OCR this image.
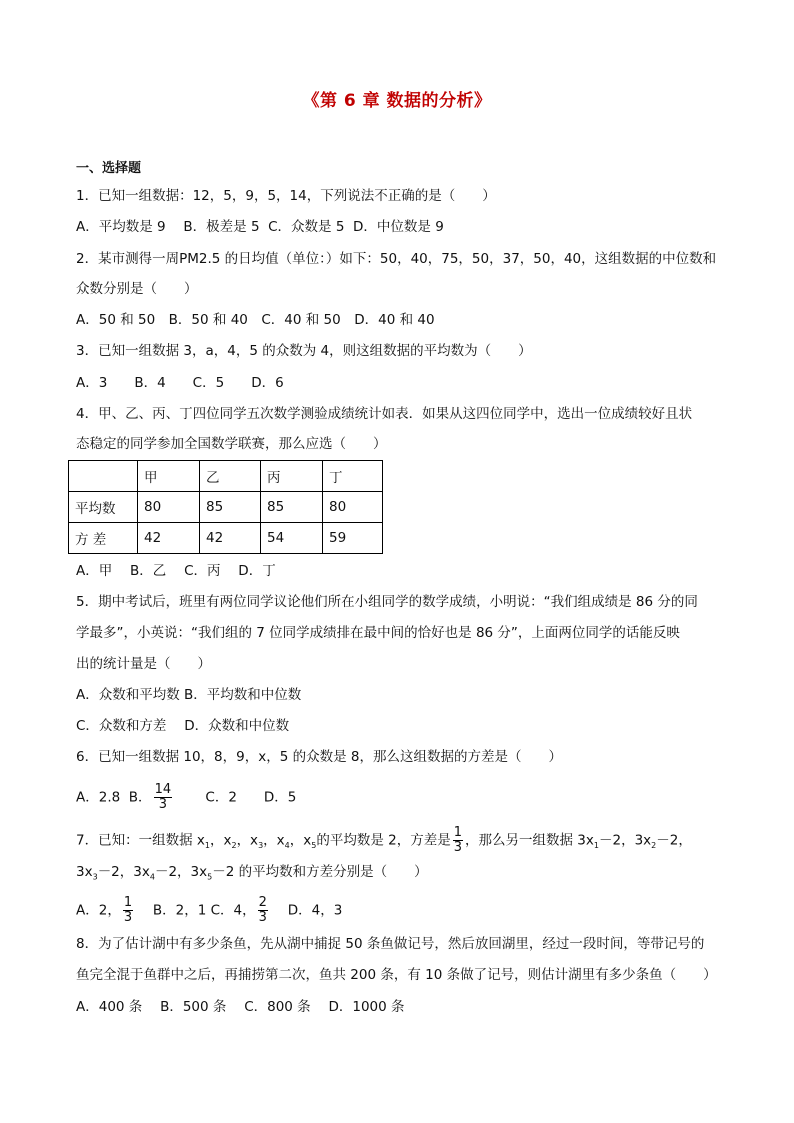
《第 6 章 数据的分析》
一、选择题
1．已知一组数据：12，5，9，5，14，下列说法不正确的是（　　）
A．平均数是 9　 B．极差是 5  C．众数是 5  D．中位数是 9
2．某市测得一周PM2.5 的日均值（单位：）如下：50，40，75，50，37，50，40，这组数据的中位数和
众数分别是（　　）
A．50 和 50　B．50 和 40　C．40 和 50　D．40 和 40
3．已知一组数据 3，a，4，5 的众数为 4，则这组数据的平均数为（　　）
A．3　　B．4　　C．5　　D．6
4．甲、乙、丙、丁四位同学五次数学测验成绩统计如表．如果从这四位同学中，选出一位成绩较好且状
态稳定的同学参加全国数学联赛，那么应选（　　）
	甲	乙	丙	丁
平均数	80	85	85	80
方 差	42	42	54	59
A．甲　 B．乙　 C．丙　 D．丁
5．期中考试后，班里有两位同学议论他们所在小组同学的数学成绩，小明说：“我们组成绩是 86 分的同
学最多”，小英说：“我们组的 7 位同学成绩排在最中间的恰好也是 86 分”，上面两位同学的话能反映
出的统计量是（　　）
A．众数和平均数 B．平均数和中位数
C．众数和方差　 D．众数和中位数
6．已知一组数据 10，8，9，x，5 的众数是 8，那么这组数据的方差是（　　）
A．2.8  B． $\frac{14}{3}$ 　　 C．2　　D．5
7．已知：一组数据 $x_1$，$x_2$，$x_3$，$x_4$，$x_5$的平均数是 2，方差是 $\frac{1}{3}$ ，那么另一组数据 $3x_1-2$，$3x_2-2$，
$3x_3-2$，$3x_4-2$，$3x_5-2$ 的平均数和方差分别是（　　）
A．2， $\frac{1}{3}$ 　 B．2，1 C．4， $\frac{2}{3}$ 　 D．4，3
8．为了估计湖中有多少条鱼，先从湖中捕捉 50 条鱼做记号，然后放回湖里，经过一段时间，等带记号的
鱼完全混于鱼群中之后，再捕捞第二次，鱼共 200 条，有 10 条做了记号，则估计湖里有多少条鱼（　　）
A．400 条　 B．500 条　 C．800 条　 D．1000 条
